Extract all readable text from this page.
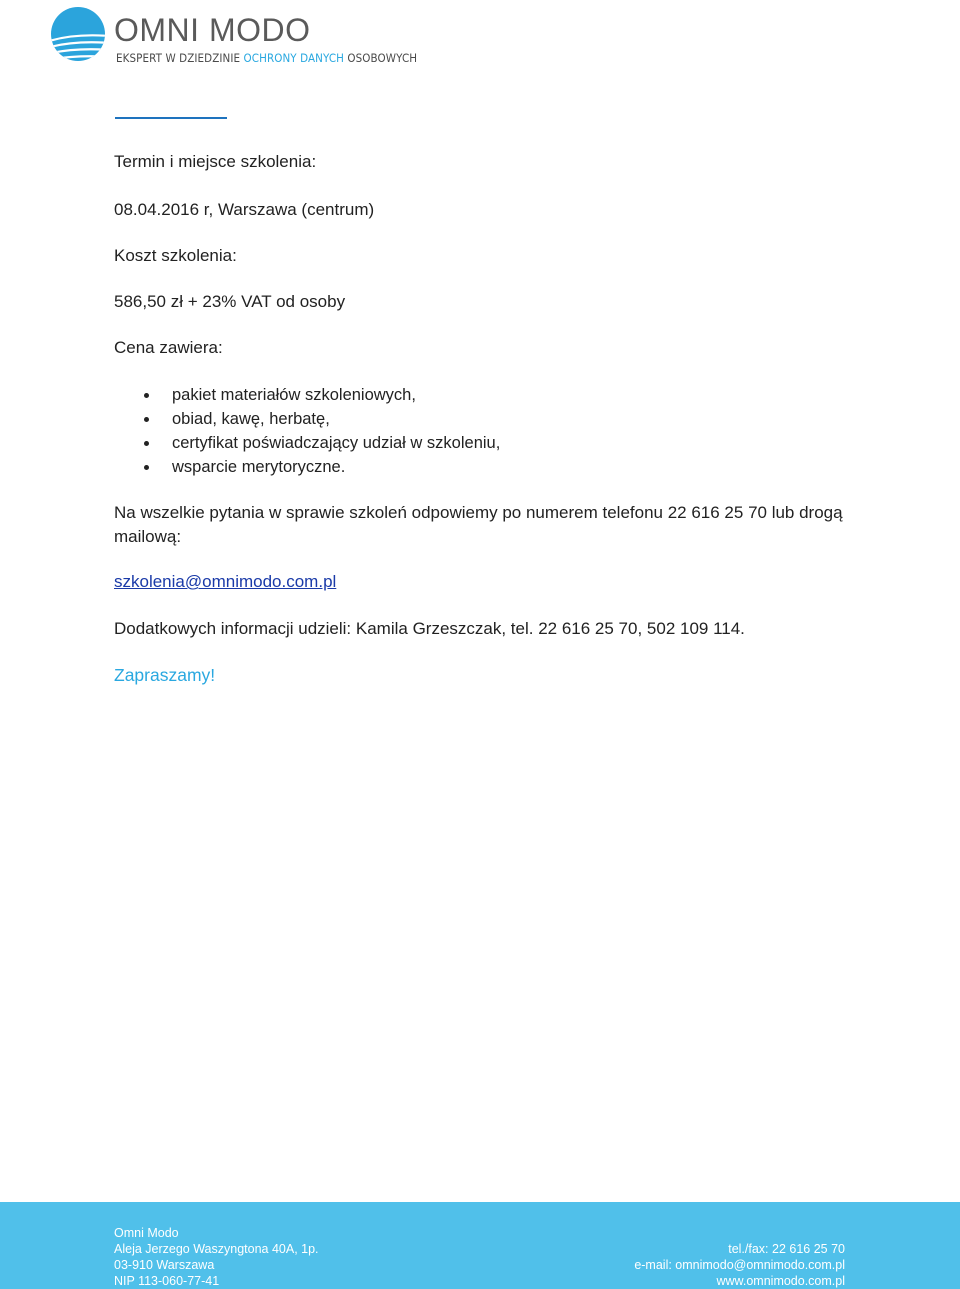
OMNI MODO
EKSPERT W DZIEDZINIE OCHRONY DANYCH OSOBOWYCH

Termin i miejsce szkolenia:

08.04.2016 r, Warszawa (centrum)

Koszt szkolenia:

586,50 zł + 23% VAT od osoby

Cena zawiera:

pakiet materiałów szkoleniowych,
obiad, kawę, herbatę,
certyfikat poświadczający udział w szkoleniu,
wsparcie merytoryczne.

Na wszelkie pytania w sprawie szkoleń odpowiemy po numerem telefonu 22 616 25 70 lub drogą mailową:

szkolenia@omnimodo.com.pl

Dodatkowych informacji udzieli: Kamila Grzeszczak, tel. 22 616 25 70, 502 109 114.

Zapraszamy!

Omni Modo
Aleja Jerzego Waszyngtona 40A, 1p.
03-910 Warszawa
NIP 113-060-77-41
tel./fax: 22 616 25 70
e-mail: omnimodo@omnimodo.com.pl
www.omnimodo.com.pl
